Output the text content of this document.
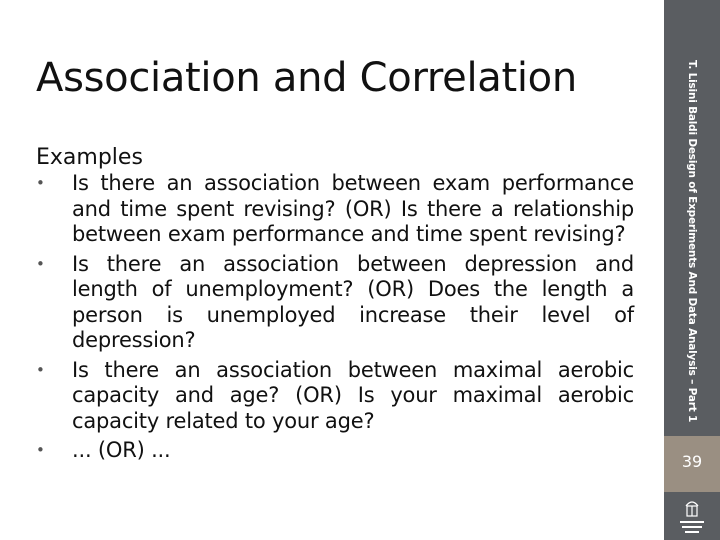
Association and Correlation

Examples

• Is there an association between exam performance and time spent revising? (OR) Is there a relationship between exam performance and time spent revising?
• Is there an association between depression and length of unemployment? (OR) Does the length a person is unemployed increase their level of depression?
• Is there an association between maximal aerobic capacity and age? (OR) Is your maximal aerobic capacity related to your age?
• ... (OR) ...
T. Lisini Baldi Design of Experiments And Data Analysis – Part 1
39
